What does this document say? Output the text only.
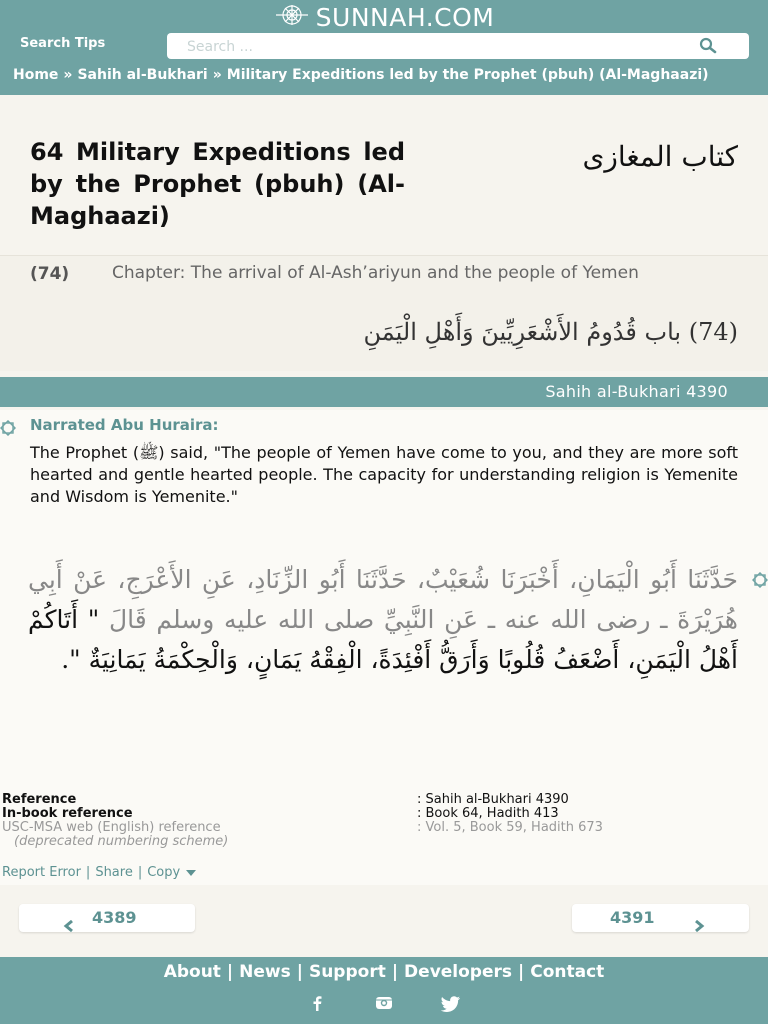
SUNNAH.COM
Search Tips
Search ...
Home » Sahih al-Bukhari » Military Expeditions led by the Prophet (pbuh) (Al-Maghaazi)
64 Military Expeditions led by the Prophet (pbuh) (Al-Maghaazi)
كتاب المغازى
(74)	Chapter: The arrival of Al-Ash’ariyun and the people of Yemen
(74) باب قُدُومُ الأَشْعَرِيِّينَ وَأَهْلِ الْيَمَنِ
Sahih al-Bukhari 4390
Narrated Abu Huraira:
The Prophet (ﷺ) said, "The people of Yemen have come to you, and they are more soft hearted and gentle hearted people. The capacity for understanding religion is Yemenite and Wisdom is Yemenite."
حَدَّثَنَا أَبُو الْيَمَانِ، أَخْبَرَنَا شُعَيْبٌ، حَدَّثَنَا أَبُو الزِّنَادِ، عَنِ الأَعْرَجِ، عَنْ أَبِي هُرَيْرَةَ ـ رضى الله عنه ـ عَنِ النَّبِيِّ صلى الله عليه وسلم قَالَ " أَتَاكُمْ أَهْلُ الْيَمَنِ، أَضْعَفُ قُلُوبًا وَأَرَقُّ أَفْئِدَةً، الْفِقْهُ يَمَانٍ، وَالْحِكْمَةُ يَمَانِيَةٌ ".
Reference	: Sahih al-Bukhari 4390
In-book reference	: Book 64, Hadith 413
USC-MSA web (English) reference	: Vol. 5, Book 59, Hadith 673
(deprecated numbering scheme)
Report Error | Share | Copy
4389	4391
About | News | Support | Developers | Contact
